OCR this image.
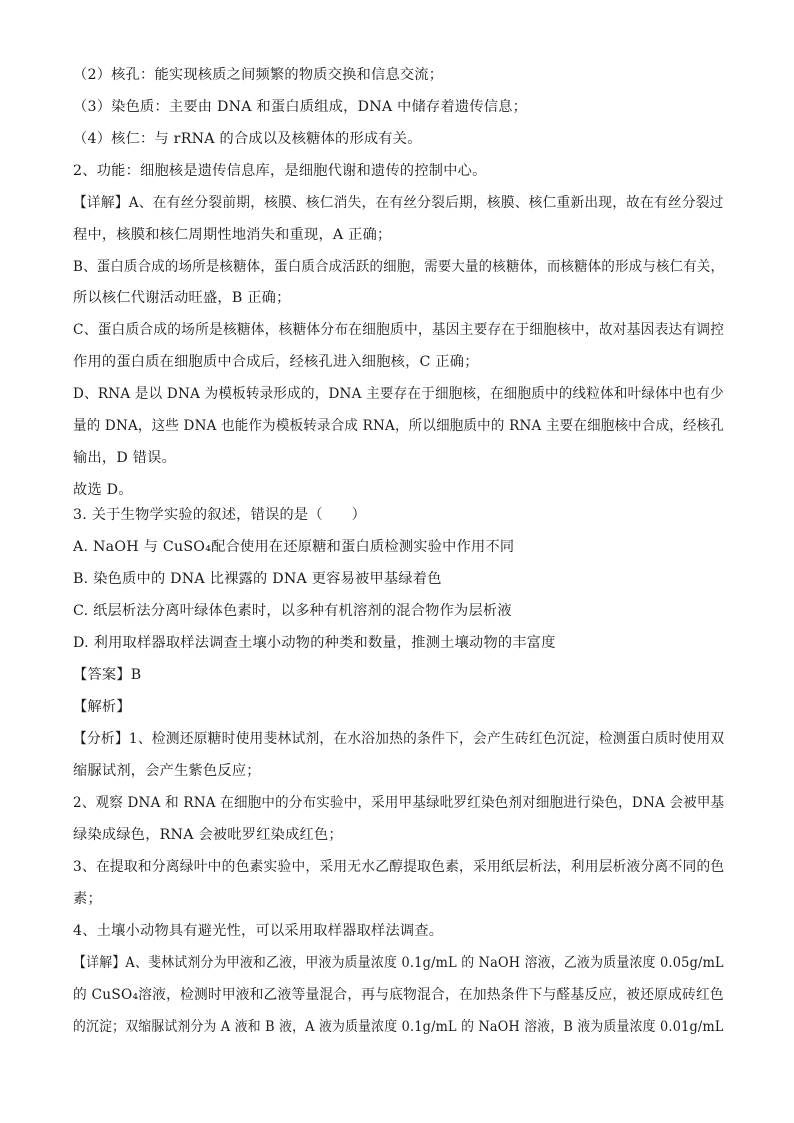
（2）核孔：能实现核质之间频繁的物质交换和信息交流；
（3）染色质：主要由 DNA 和蛋白质组成，DNA 中储存着遗传信息；
（4）核仁：与 rRNA 的合成以及核糖体的形成有关。
2、功能：细胞核是遗传信息库，是细胞代谢和遗传的控制中心。
【详解】A、在有丝分裂前期，核膜、核仁消失，在有丝分裂后期，核膜、核仁重新出现，故在有丝分裂过
程中，核膜和核仁周期性地消失和重现，A 正确；
B、蛋白质合成的场所是核糖体，蛋白质合成活跃的细胞，需要大量的核糖体，而核糖体的形成与核仁有关，
所以核仁代谢活动旺盛，B 正确；
C、蛋白质合成的场所是核糖体，核糖体分布在细胞质中，基因主要存在于细胞核中，故对基因表达有调控
作用的蛋白质在细胞质中合成后，经核孔进入细胞核，C 正确；
D、RNA 是以 DNA 为模板转录形成的，DNA 主要存在于细胞核，在细胞质中的线粒体和叶绿体中也有少
量的 DNA，这些 DNA 也能作为模板转录合成 RNA，所以细胞质中的 RNA 主要在细胞核中合成，经核孔
输出，D 错误。
故选 D。
3. 关于生物学实验的叙述，错误的是（　　）
A. NaOH 与 CuSO₄配合使用在还原糖和蛋白质检测实验中作用不同
B. 染色质中的 DNA 比裸露的 DNA 更容易被甲基绿着色
C. 纸层析法分离叶绿体色素时，以多种有机溶剂的混合物作为层析液
D. 利用取样器取样法调查土壤小动物的种类和数量，推测土壤动物的丰富度
【答案】B
【解析】
【分析】1、检测还原糖时使用斐林试剂，在水浴加热的条件下，会产生砖红色沉淀，检测蛋白质时使用双
缩脲试剂，会产生紫色反应；
2、观察 DNA 和 RNA 在细胞中的分布实验中，采用甲基绿吡罗红染色剂对细胞进行染色，DNA 会被甲基
绿染成绿色，RNA 会被吡罗红染成红色；
3、在提取和分离绿叶中的色素实验中，采用无水乙醇提取色素，采用纸层析法，利用层析液分离不同的色
素；
4、土壤小动物具有避光性，可以采用取样器取样法调查。
【详解】A、斐林试剂分为甲液和乙液，甲液为质量浓度 0.1g/mL 的 NaOH 溶液，乙液为质量浓度 0.05g/mL
的 CuSO₄溶液，检测时甲液和乙液等量混合，再与底物混合，在加热条件下与醛基反应，被还原成砖红色
的沉淀；双缩脲试剂分为 A 液和 B 液，A 液为质量浓度 0.1g/mL 的 NaOH 溶液，B 液为质量浓度 0.01g/mL
